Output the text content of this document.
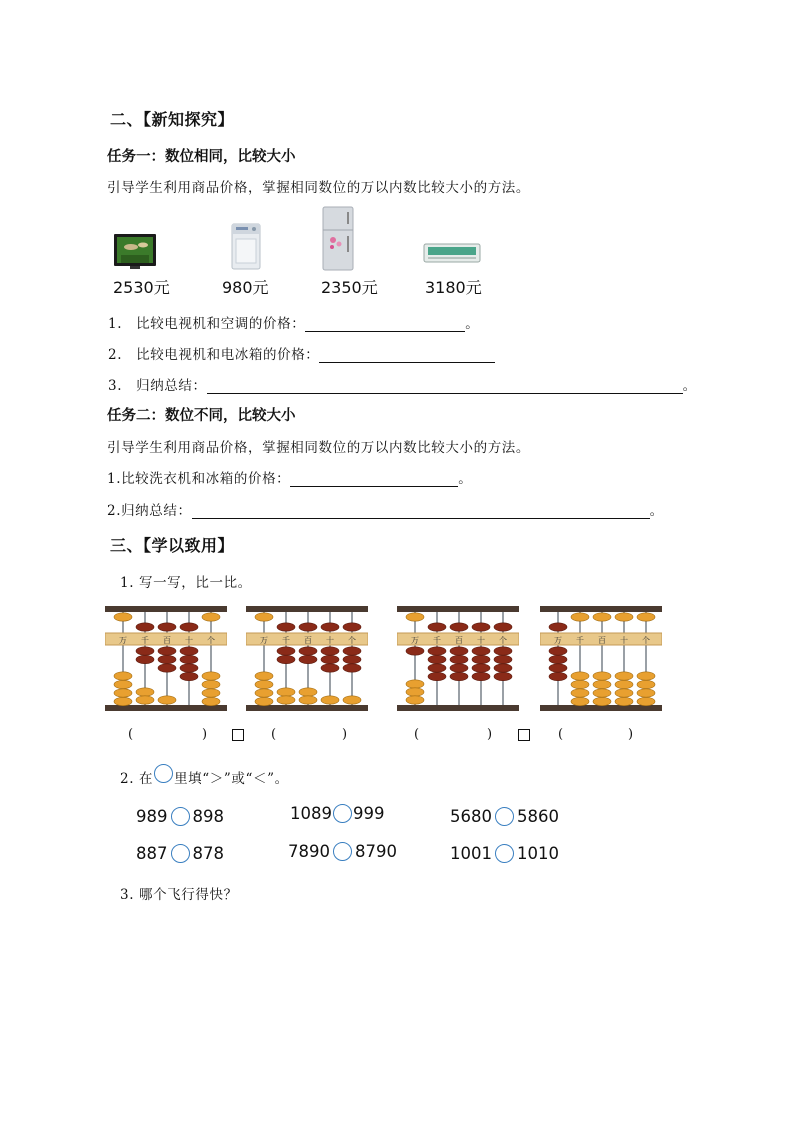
二、【新知探究】
任务一：数位相同，比较大小
引导学生利用商品价格，掌握相同数位的万以内数比较大小的方法。
2530元	980元	2350元	3180元
1. 比较电视机和空调的价格：	。
2. 比较电视机和电冰箱的价格：
3. 归纳总结：	。
任务二：数位不同，比较大小
引导学生利用商品价格，掌握相同数位的万以内数比较大小的方法。
1.比较洗衣机和冰箱的价格：	。
2.归纳总结：	。
三、【学以致用】
1. 写一写，比一比。
万 千 百 十 个	万 千 百 十 个	万 千 百 十 个	万 千 百 十 个
(	)	(	)	(	)	(	)
2. 在 里填“＞”或“＜”。
989 898	1089 999	5680 5860
887 878	7890 8790	1001 1010
3. 哪个飞行得快？
